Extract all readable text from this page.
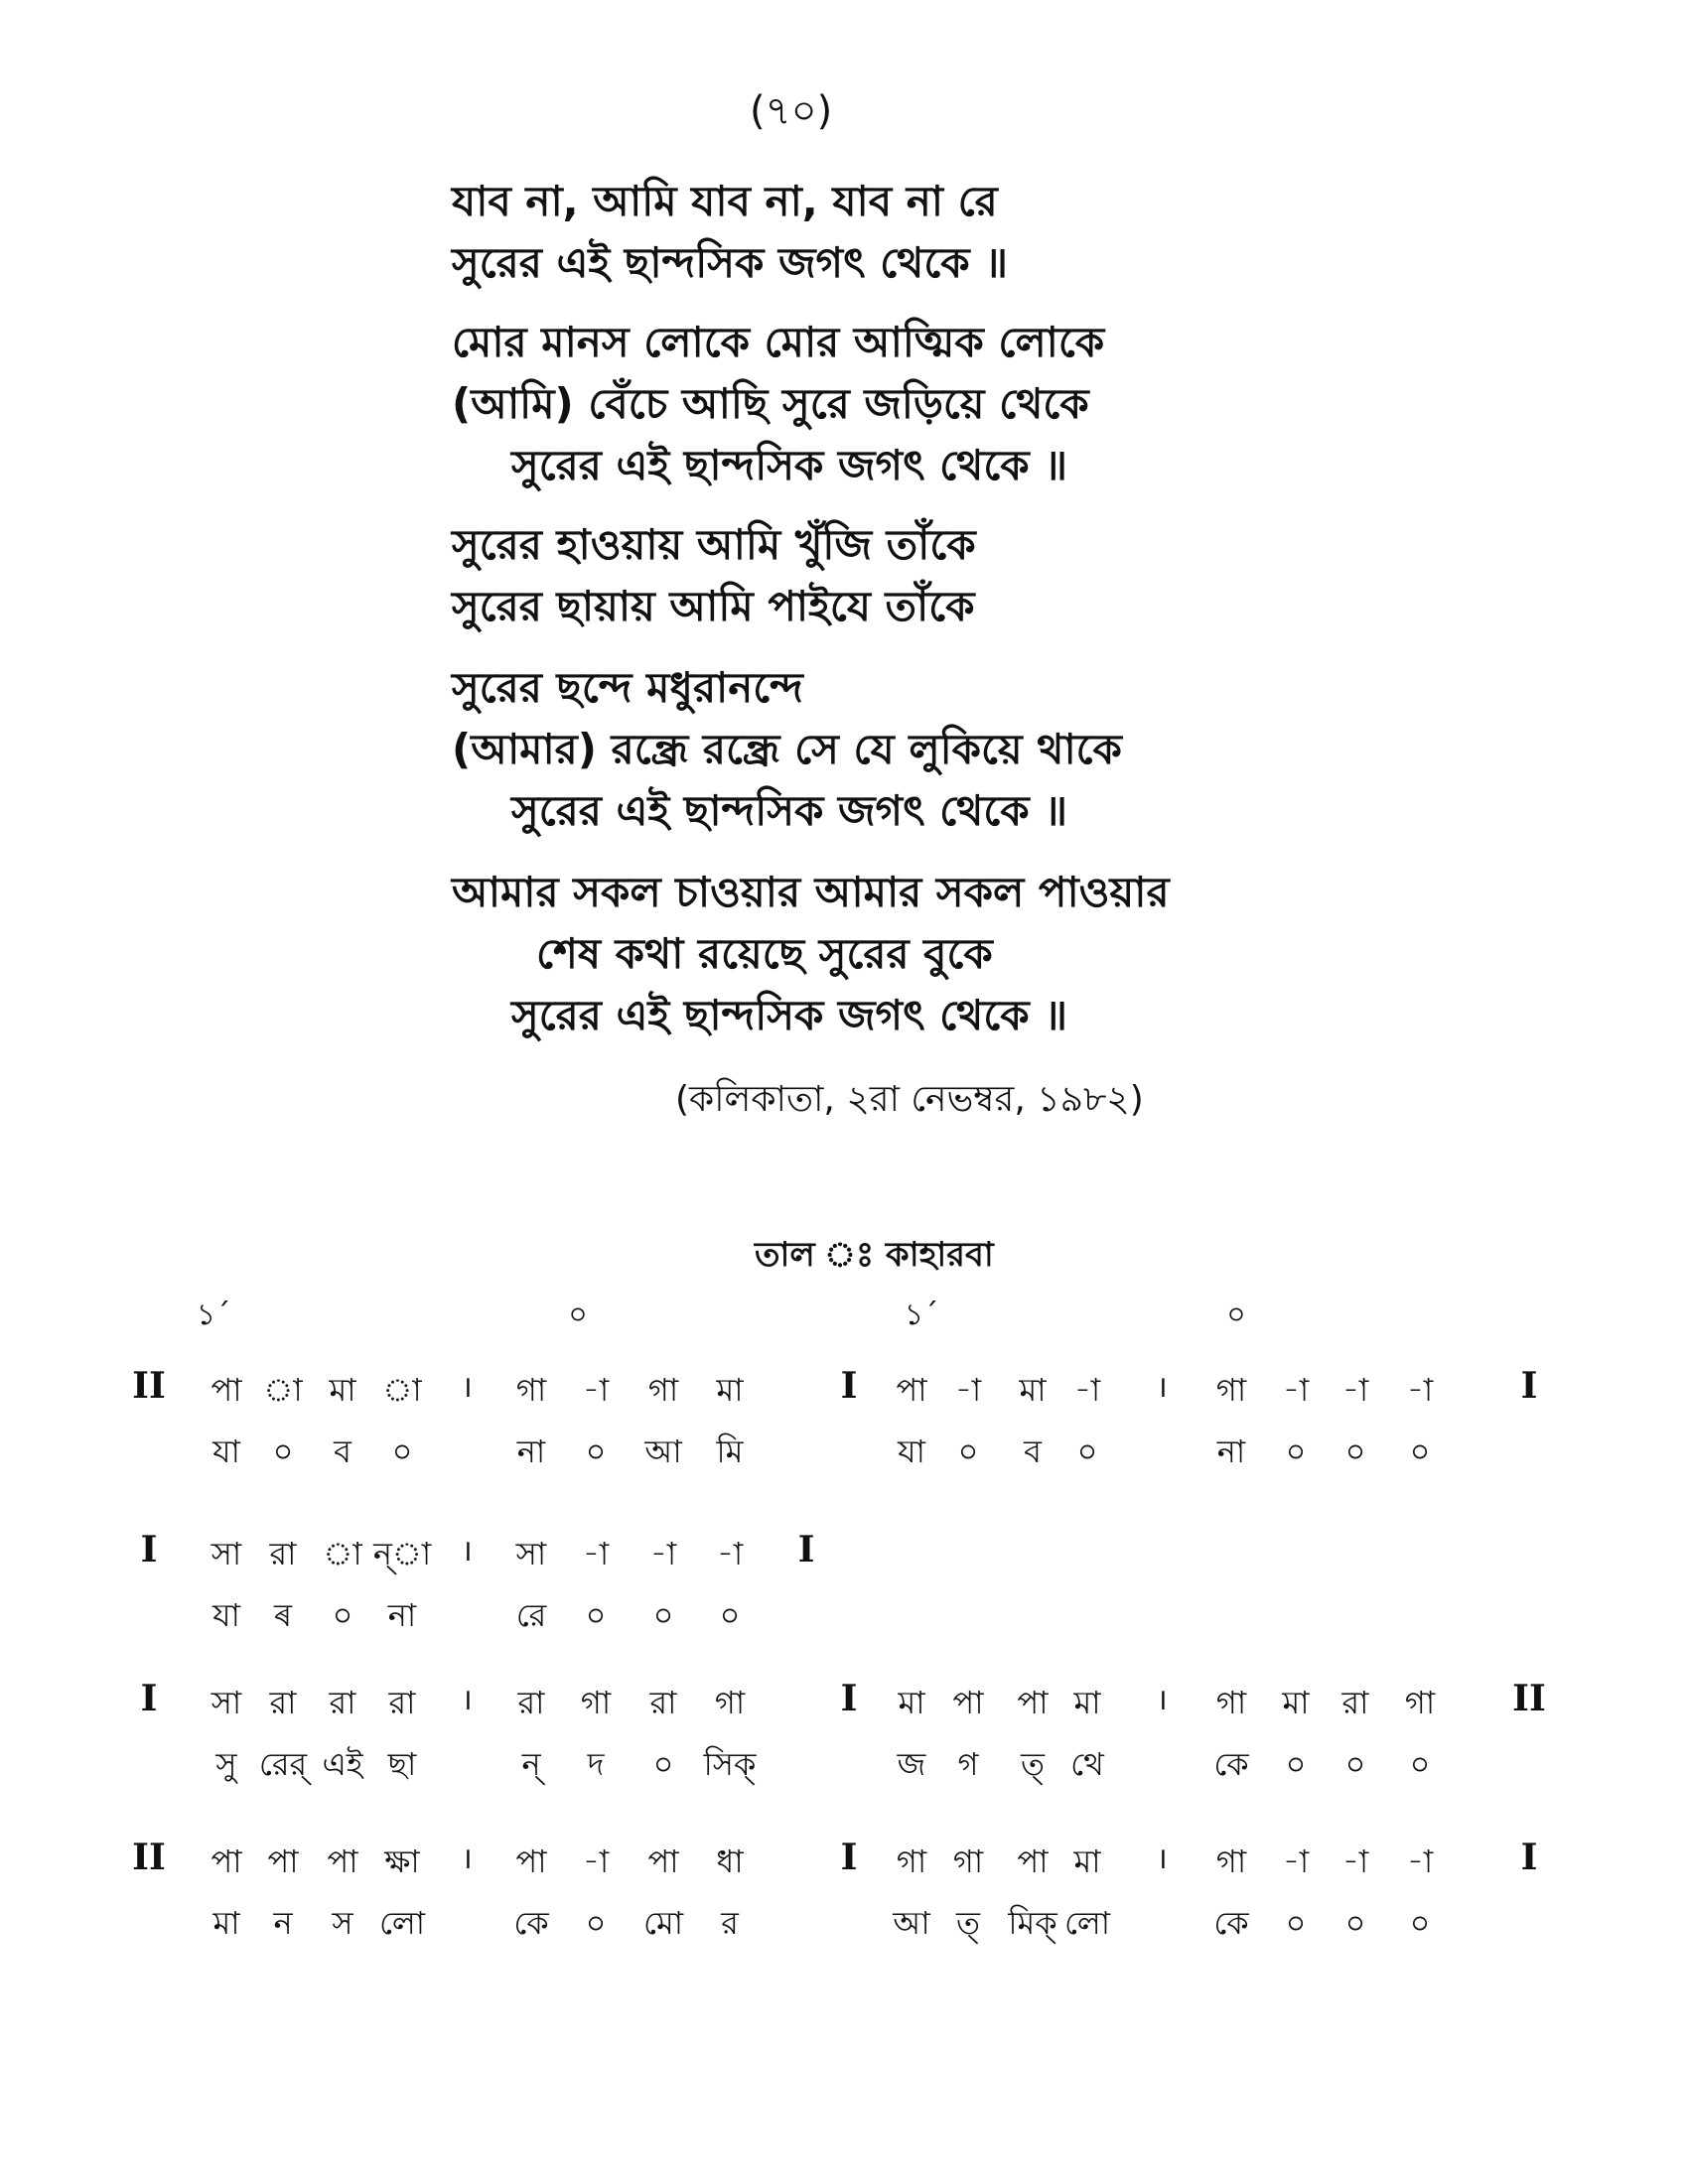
(৭০)
যাব না, আমি যাব না, যাব না রে
সুরের এই ছান্দসিক জগৎ থেকে ॥
মোর মানস লোকে মোর আত্মিক লোকে
(আমি) বেঁচে আছি সুরে জড়িয়ে থেকে
সুরের এই ছান্দসিক জগৎ থেকে ॥
সুরের হাওয়ায় আমি খুঁজি তাঁকে
সুরের ছায়ায় আমি পাইযে তাঁকে
সুরের ছন্দে মধুরানন্দে
(আমার) রন্ধ্রে রন্ধ্রে সে যে লুকিয়ে থাকে
সুরের এই ছান্দসিক জগৎ থেকে ॥
আমার সকল চাওয়ার আমার সকল পাওয়ার
শেষ কথা রয়েছে সুরের বুকে
সুরের এই ছান্দসিক জগৎ থেকে ॥
(কলিকাতা, ২রা নেভম্বর, ১৯৮২)
তাল ঃ কাহারবা
১´	০	১´	০
II পা া মা া । গা -া গা মা	I পা -া মা -া । গা -া -া -া I
যা ০ ব ০	না ০ আ মি	যা ০ ব ০	না ০ ০ ০
I সা রা া ন্া । সা -া -া -া I
যা ৰ ০ না	রে ০ ০ ০
I সা রা রা রা । রা গা রা গা	I মা পা পা মা । গা মা রা গা II
সু রের্ এই ছা	ন্ দ ০ সিক্	জ গ ত্ থে	কে ০ ০ ০
II পা পা পা ক্ষা । পা -া পা ধা	I গা গা পা মা । গা -া -া -া I
মা ন স লো	কে ০ মো র	আ ত্ মিক্ লো	কে ০ ০ ০
